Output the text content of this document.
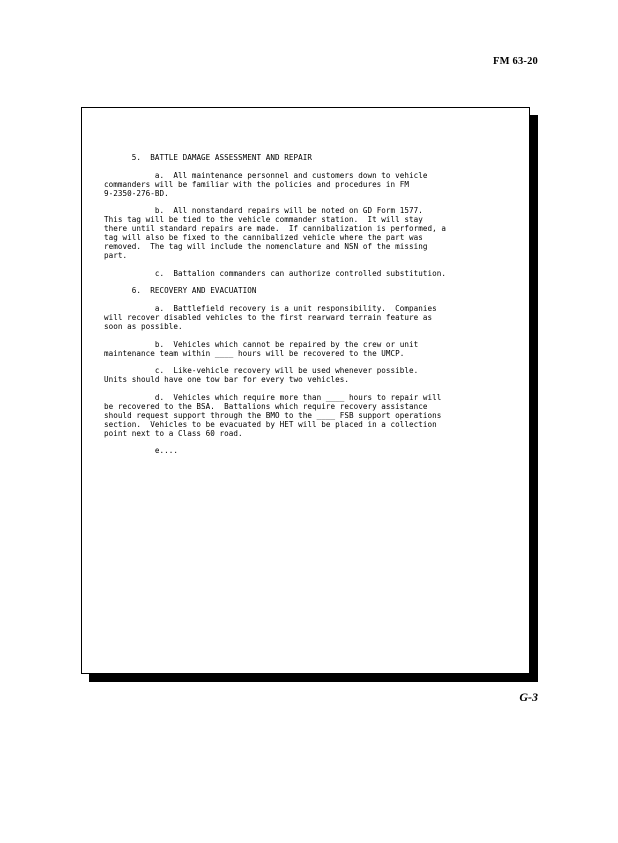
FM 63-20
5.  BATTLE DAMAGE ASSESSMENT AND REPAIR
a.  All maintenance personnel and customers down to vehicle
commanders will be familiar with the policies and procedures in FM
9-2350-276-BD.
b.  All nonstandard repairs will be noted on GD Form 1577.
This tag will be tied to the vehicle commander station.  It will stay
there until standard repairs are made.  If cannibalization is performed, a
tag will also be fixed to the cannibalized vehicle where the part was
removed.  The tag will include the nomenclature and NSN of the missing
part.
c.  Battalion commanders can authorize controlled substitution.
6.  RECOVERY AND EVACUATION
a.  Battlefield recovery is a unit responsibility.  Companies
will recover disabled vehicles to the first rearward terrain feature as
soon as possible.
b.  Vehicles which cannot be repaired by the crew or unit
maintenance team within ____ hours will be recovered to the UMCP.
c.  Like-vehicle recovery will be used whenever possible.
Units should have one tow bar for every two vehicles.
d.  Vehicles which require more than ____ hours to repair will
be recovered to the BSA.  Battalions which require recovery assistance
should request support through the BMO to the ____ FSB support operations
section.  Vehicles to be evacuated by HET will be placed in a collection
point next to a Class 60 road.
e....
G-3
